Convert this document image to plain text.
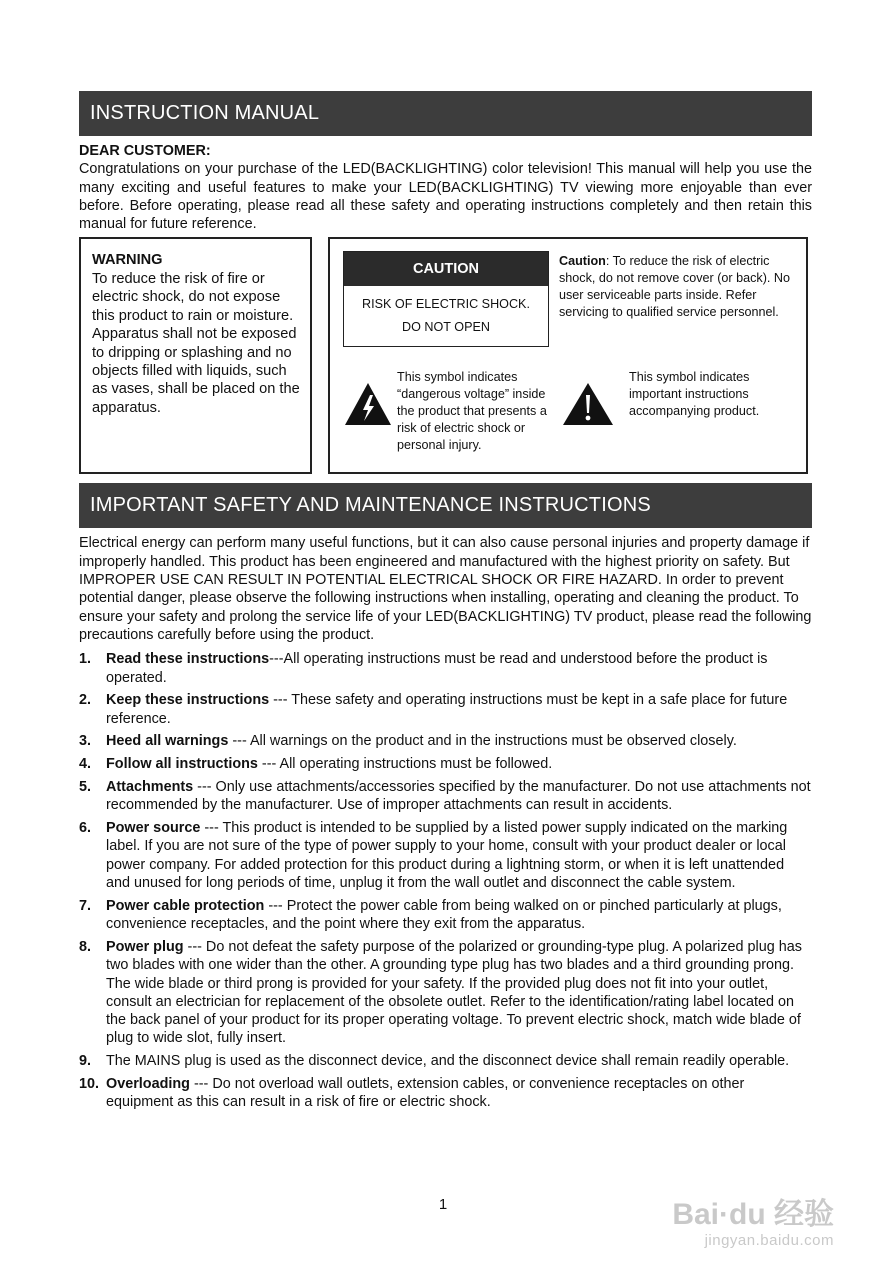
INSTRUCTION MANUAL
DEAR CUSTOMER:
Congratulations on your purchase of the LED(BACKLIGHTING) color television! This manual will help you use the many exciting and useful features to make your LED(BACKLIGHTING) TV viewing more enjoyable than ever before. Before operating, please read all these safety and operating instructions completely and then retain this manual for future reference.
WARNING
To reduce the risk of fire or electric shock, do not expose this product to rain or moisture.
Apparatus shall not be exposed to dripping or splashing and no objects filled with liquids, such as vases, shall be placed on the apparatus.
CAUTION
RISK OF ELECTRIC SHOCK.
DO NOT OPEN
Caution: To reduce the risk of electric shock, do not remove cover (or back). No user serviceable parts inside. Refer servicing to qualified service personnel.
This symbol indicates “dangerous voltage” inside the product that presents a risk of electric shock or personal injury.
This symbol indicates important instructions accompanying product.
IMPORTANT SAFETY AND MAINTENANCE INSTRUCTIONS
Electrical energy can perform many useful functions, but it can also cause personal injuries and property damage if improperly handled. This product has been engineered and manufactured with the highest priority on safety. But IMPROPER USE CAN RESULT IN POTENTIAL ELECTRICAL SHOCK OR FIRE HAZARD. In order to prevent potential danger, please observe the following instructions when installing, operating and cleaning the product. To ensure your safety and prolong the service life of your LED(BACKLIGHTING) TV product, please read the following precautions carefully before using the product.
1.	Read these instructions---All operating instructions must be read and understood before the product is operated.
2.	Keep these instructions --- These safety and operating instructions must be kept in a safe place for future reference.
3.	Heed all warnings --- All warnings on the product and in the instructions must be observed closely.
4.	Follow all instructions --- All operating instructions must be followed.
5.	Attachments --- Only use attachments/accessories specified by the manufacturer. Do not use attachments not recommended by the manufacturer. Use of improper attachments can result in accidents.
6.	Power source --- This product is intended to be supplied by a listed power supply indicated on the marking label. If you are not sure of the type of power supply to your home, consult with your product dealer or local power company. For added protection for this product during a lightning storm, or when it is left unattended and unused for long periods of time, unplug it from the wall outlet and disconnect the cable system.
7.	Power cable protection --- Protect the power cable from being walked on or pinched particularly at plugs, convenience receptacles, and the point where they exit from the apparatus.
8.	Power plug --- Do not defeat the safety purpose of the polarized or grounding-type plug. A polarized plug has two blades with one wider than the other. A grounding type plug has two blades and a third grounding prong. The wide blade or third prong is provided for your safety. If the provided plug does not fit into your outlet, consult an electrician for replacement of the obsolete outlet. Refer to the identification/rating label located on the back panel of your product for its proper operating voltage. To prevent electric shock, match wide blade of plug to wide slot, fully insert.
9.	The MAINS plug is used as the disconnect device, and the disconnect device shall remain readily operable.
10. Overloading --- Do not overload wall outlets, extension cables, or convenience receptacles on other equipment as this can result in a risk of fire or electric shock.
1	Bai·du 经验
jingyan.baidu.com
